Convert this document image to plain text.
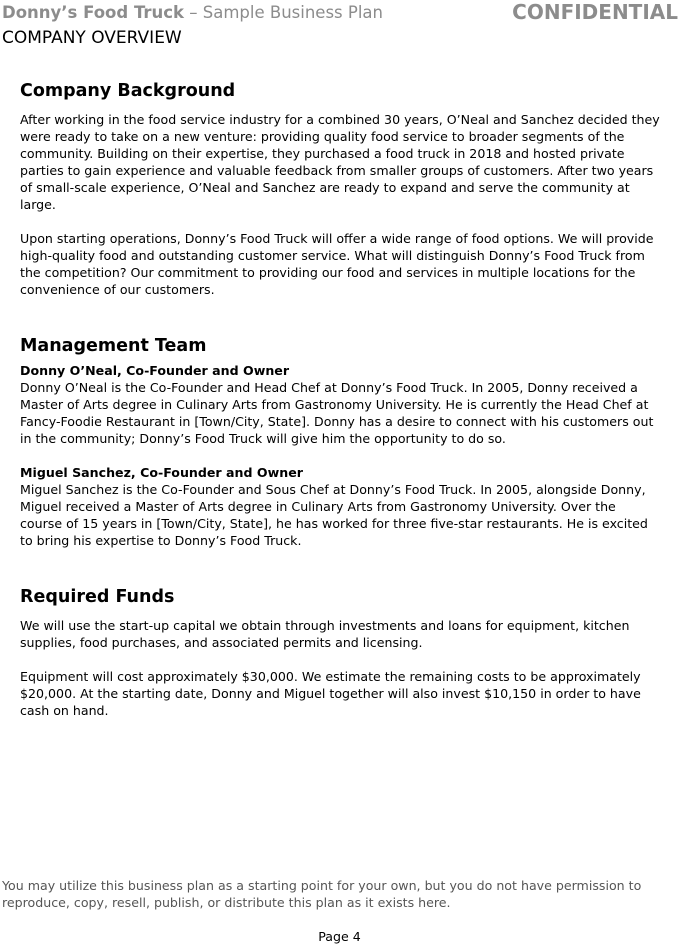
Donny’s Food Truck – Sample Business Plan	CONFIDENTIAL
COMPANY OVERVIEW
Company Background

After working in the food service industry for a combined 30 years, O’Neal and Sanchez decided they were ready to take on a new venture: providing quality food service to broader segments of the community. Building on their expertise, they purchased a food truck in 2018 and hosted private parties to gain experience and valuable feedback from smaller groups of customers. After two years of small-scale experience, O’Neal and Sanchez are ready to expand and serve the community at large.

Upon starting operations, Donny’s Food Truck will offer a wide range of food options. We will provide high-quality food and outstanding customer service. What will distinguish Donny’s Food Truck from the competition? Our commitment to providing our food and services in multiple locations for the convenience of our customers.

Management Team

Donny O’Neal, Co-Founder and Owner

Donny O’Neal is the Co-Founder and Head Chef at Donny’s Food Truck. In 2005, Donny received a Master of Arts degree in Culinary Arts from Gastronomy University. He is currently the Head Chef at Fancy-Foodie Restaurant in [Town/City, State]. Donny has a desire to connect with his customers out in the community; Donny’s Food Truck will give him the opportunity to do so.

Miguel Sanchez, Co-Founder and Owner

Miguel Sanchez is the Co-Founder and Sous Chef at Donny’s Food Truck. In 2005, alongside Donny, Miguel received a Master of Arts degree in Culinary Arts from Gastronomy University. Over the course of 15 years in [Town/City, State], he has worked for three five-star restaurants. He is excited to bring his expertise to Donny’s Food Truck.

Required Funds

We will use the start-up capital we obtain through investments and loans for equipment, kitchen supplies, food purchases, and associated permits and licensing.

Equipment will cost approximately $30,000. We estimate the remaining costs to be approximately $20,000. At the starting date, Donny and Miguel together will also invest $10,150 in order to have cash on hand.

You may utilize this business plan as a starting point for your own, but you do not have permission to reproduce, copy, resell, publish, or distribute this plan as it exists here.
Page 4
